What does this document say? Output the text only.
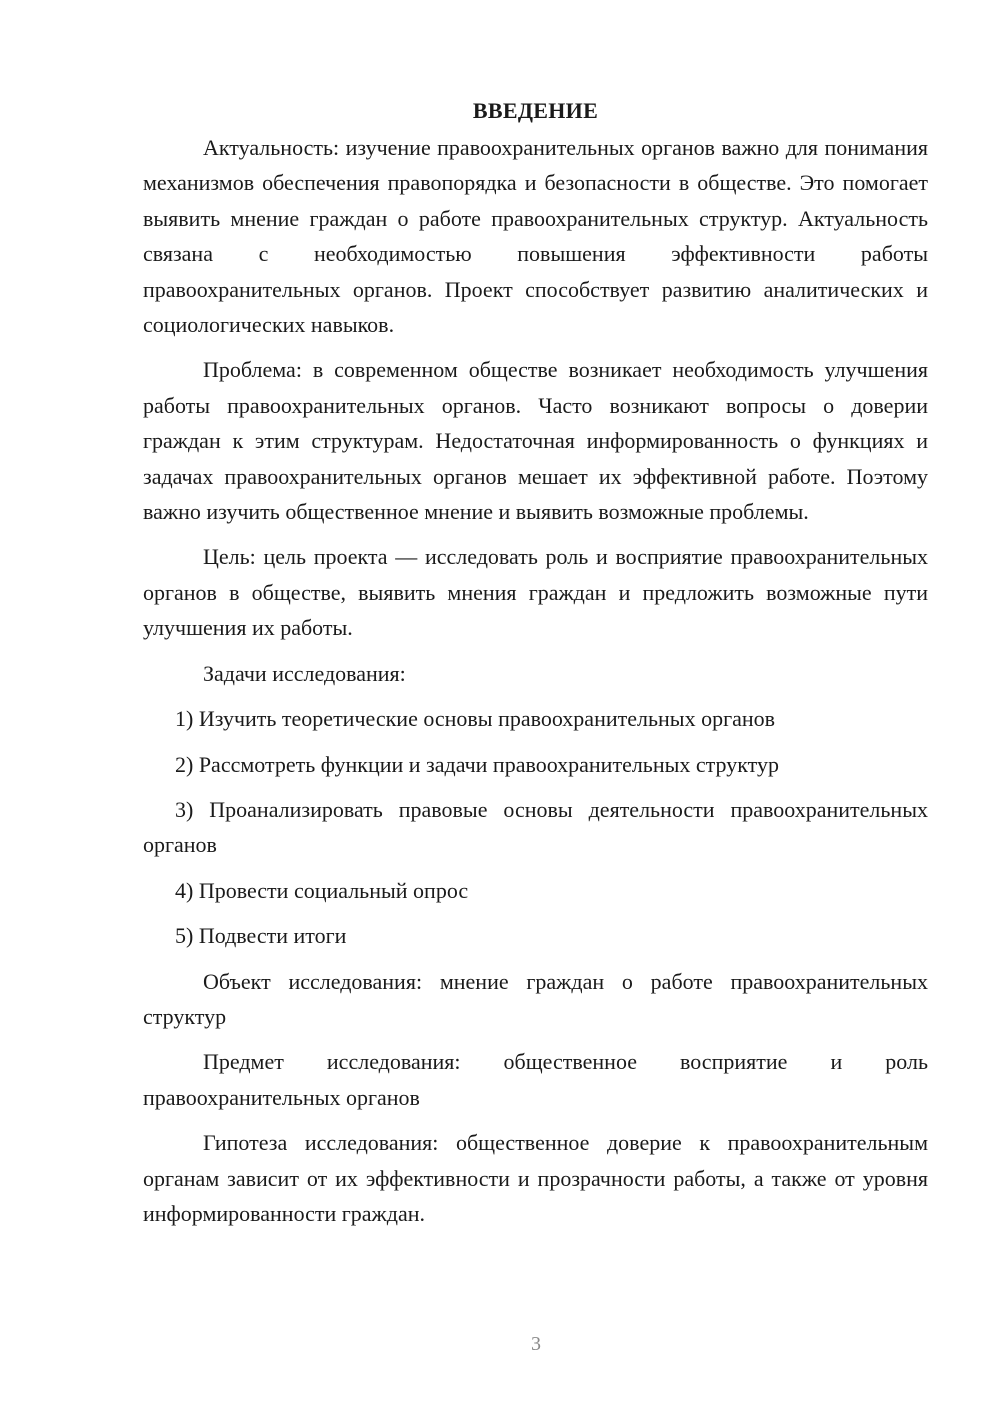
ВВЕДЕНИЕ

Актуальность: изучение правоохранительных органов важно для понимания механизмов обеспечения правопорядка и безопасности в обществе. Это помогает выявить мнение граждан о работе правоохранительных структур. Актуальность связана с необходимостью повышения эффективности работы правоохранительных органов. Проект способствует развитию аналитических и социологических навыков.

Проблема: в современном обществе возникает необходимость улучшения работы правоохранительных органов. Часто возникают вопросы о доверии граждан к этим структурам. Недостаточная информированность о функциях и задачах правоохранительных органов мешает их эффективной работе. Поэтому важно изучить общественное мнение и выявить возможные проблемы.

Цель: цель проекта — исследовать роль и восприятие правоохранительных органов в обществе, выявить мнения граждан и предложить возможные пути улучшения их работы.

Задачи исследования:

1) Изучить теоретические основы правоохранительных органов

2) Рассмотреть функции и задачи правоохранительных структур

3) Проанализировать правовые основы деятельности правоохранительных органов

4) Провести социальный опрос

5) Подвести итоги

Объект исследования: мнение граждан о работе правоохранительных структур

Предмет исследования: общественное восприятие и роль правоохранительных органов

Гипотеза исследования: общественное доверие к правоохранительным органам зависит от их эффективности и прозрачности работы, а также от уровня информированности граждан.

3
